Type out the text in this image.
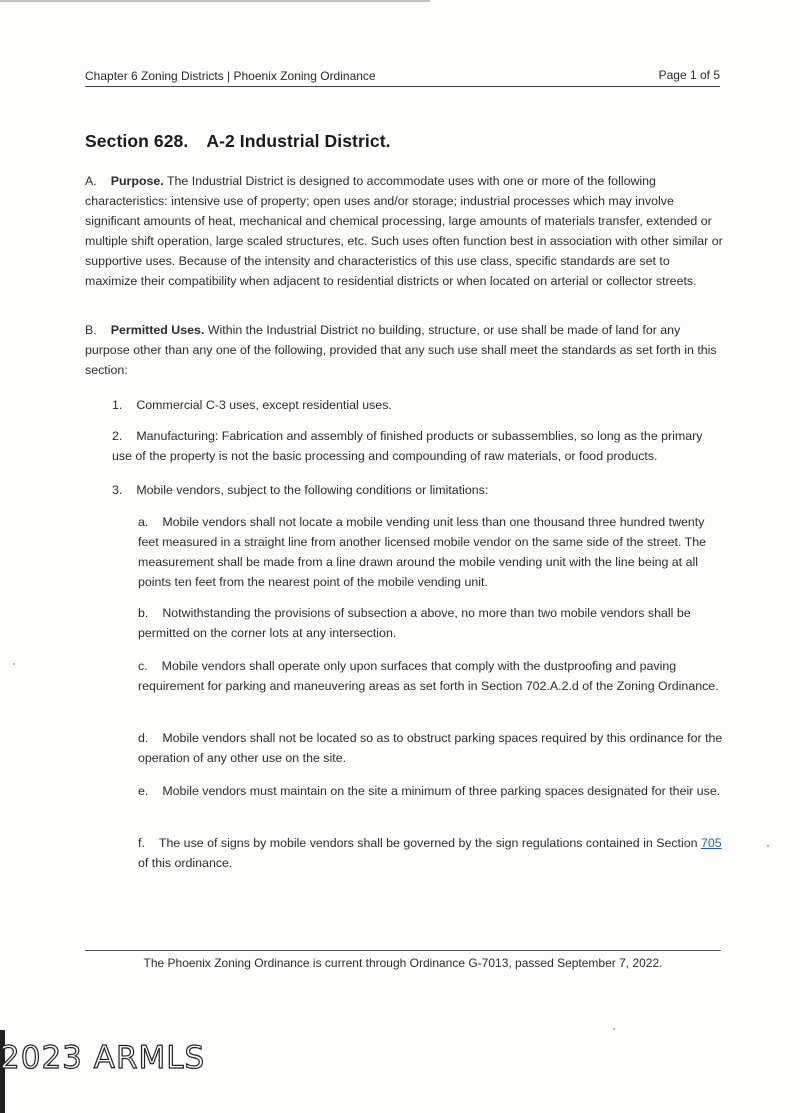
Chapter 6 Zoning Districts | Phoenix Zoning Ordinance	Page 1 of 5
Section 628. A-2 Industrial District.

A. Purpose. The Industrial District is designed to accommodate uses with one or more of the following characteristics: intensive use of property; open uses and/or storage; industrial processes which may involve significant amounts of heat, mechanical and chemical processing, large amounts of materials transfer, extended or multiple shift operation, large scaled structures, etc. Such uses often function best in association with other similar or supportive uses. Because of the intensity and characteristics of this use class, specific standards are set to maximize their compatibility when adjacent to residential districts or when located on arterial or collector streets.

B. Permitted Uses. Within the Industrial District no building, structure, or use shall be made of land for any purpose other than any one of the following, provided that any such use shall meet the standards as set forth in this section:

1. Commercial C-3 uses, except residential uses.

2. Manufacturing: Fabrication and assembly of finished products or subassemblies, so long as the primary use of the property is not the basic processing and compounding of raw materials, or food products.

3. Mobile vendors, subject to the following conditions or limitations:

a. Mobile vendors shall not locate a mobile vending unit less than one thousand three hundred twenty feet measured in a straight line from another licensed mobile vendor on the same side of the street. The measurement shall be made from a line drawn around the mobile vending unit with the line being at all points ten feet from the nearest point of the mobile vending unit.

b. Notwithstanding the provisions of subsection a above, no more than two mobile vendors shall be permitted on the corner lots at any intersection.

c. Mobile vendors shall operate only upon surfaces that comply with the dustproofing and paving requirement for parking and maneuvering areas as set forth in Section 702.A.2.d of the Zoning Ordinance.

d. Mobile vendors shall not be located so as to obstruct parking spaces required by this ordinance for the operation of any other use on the site.

e. Mobile vendors must maintain on the site a minimum of three parking spaces designated for their use.

f. The use of signs by mobile vendors shall be governed by the sign regulations contained in Section 705 of this ordinance.

The Phoenix Zoning Ordinance is current through Ordinance G-7013, passed September 7, 2022.
2023 ARMLS
